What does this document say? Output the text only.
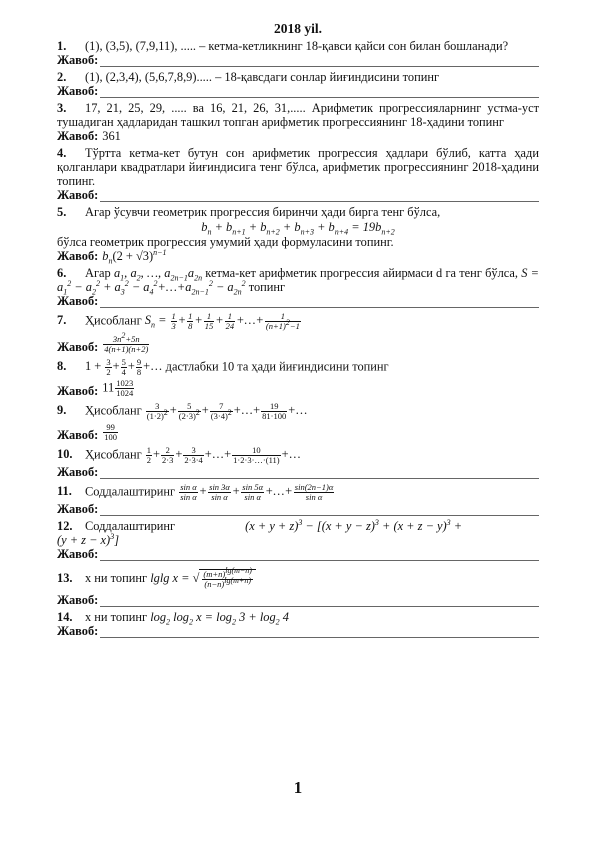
2018 yil.
1. (1), (3,5), (7,9,11), ..... – кетма-кетликнинг 18-қавси қайси сон билан бошланади?
Жавоб:
2. (1), (2,3,4), (5,6,7,8,9)..... – 18-қавсдаги сонлар йиғиндисини топинг
Жавоб:
3. 17, 21, 25, 29, ..... ва 16, 21, 26, 31,..... Арифметик прогрессияларнинг устма-уст тушадиган ҳадларидан ташкил топган арифметик прогрессиянинг 18-ҳадини топинг
Жавоб: 361
4. Тўртта кетма-кет бутун сон арифметик прогрессия ҳадлари бўлиб, катта ҳади қолганлари квадратлари йиғиндисига тенг бўлса, арифметик прогрессиянинг 2018-ҳадини топинг.
Жавоб:
5. Агар ўсувчи геометрик прогрессия биринчи ҳади бирга тенг бўлса,
$b_n + b_{n+1} + b_{n+2} + b_{n+3} + b_{n+4} = 19b_{n+2}$
бўлса геометрик прогрессия умумий ҳади формуласини топинг.
Жавоб: $b_n(2 + √3)^{n-1}$
6. Агар $a_1$, $a_2$, …, $a_{2n-1}a_{2n}$ кетма-кет арифметик прогрессия айирмаси d га тенг бўлса, $S = a_1^2 - a_2^2 + a_3^2$ − $a_4^2+\dots+a_{2n-1}^2 - a_{2n}^2$ топинг
Жавоб:
7. Ҳисобланг $S_n = \frac{1}{3} + \frac{1}{8} + \frac{1}{15} + \frac{1}{24}$ +…+ $\frac{1}{(n+1)^2-1}$
Жавоб: $\frac{3n^2+5n}{4(n+1)(n+2)}$
8. $1 + \frac{3}{2} + \frac{5}{4} + \frac{9}{8}$ +… дастлабки 10 та ҳади йиғиндисини топинг
Жавоб: $11 \frac{1023}{1024}$
9. Ҳисобланг $\frac{3}{(1\cdot 2)^2} + \frac{5}{(2\cdot 3)^2} + \frac{7}{(3\cdot 4)^2}$ +…+ $\frac{19}{81\cdot 100}$ +…
Жавоб: $\frac{99}{100}$
10. Ҳисобланг $\frac{1}{2} + \frac{2}{2\cdot 3} + \frac{3}{2\cdot 3\cdot 4}$ +…+ $\frac{10}{1\cdot 2\cdot 3\cdot\dots\cdot(11)}$ +…
Жавоб:
11. Соддалаштиринг $\frac{\text{sin α}}{\text{sin α}} + \frac{\sin 3\alpha}{\text{sin α}} + \frac{\sin 5\alpha}{\text{sin α}}$ +…+ $\frac{\sin(2n-1)\alpha}{\text{sin α}}$
Жавоб:
12. Соддалаштиринг	$(x + y + z)^3 - [(x + y - z)^3 + (x + z - y)^3$ +
$(y + z - x)^3$]
Жавоб:
13. х ни топинг lglg x = √ $\frac{(m+n)^{lg(m-n)}}{(n-n)^{lg(m+n)}}$
Жавоб:
14. х ни топинг $\log_2 \log_2 x = \log_2 3 + \log_2 4$
Жавоб:
1
